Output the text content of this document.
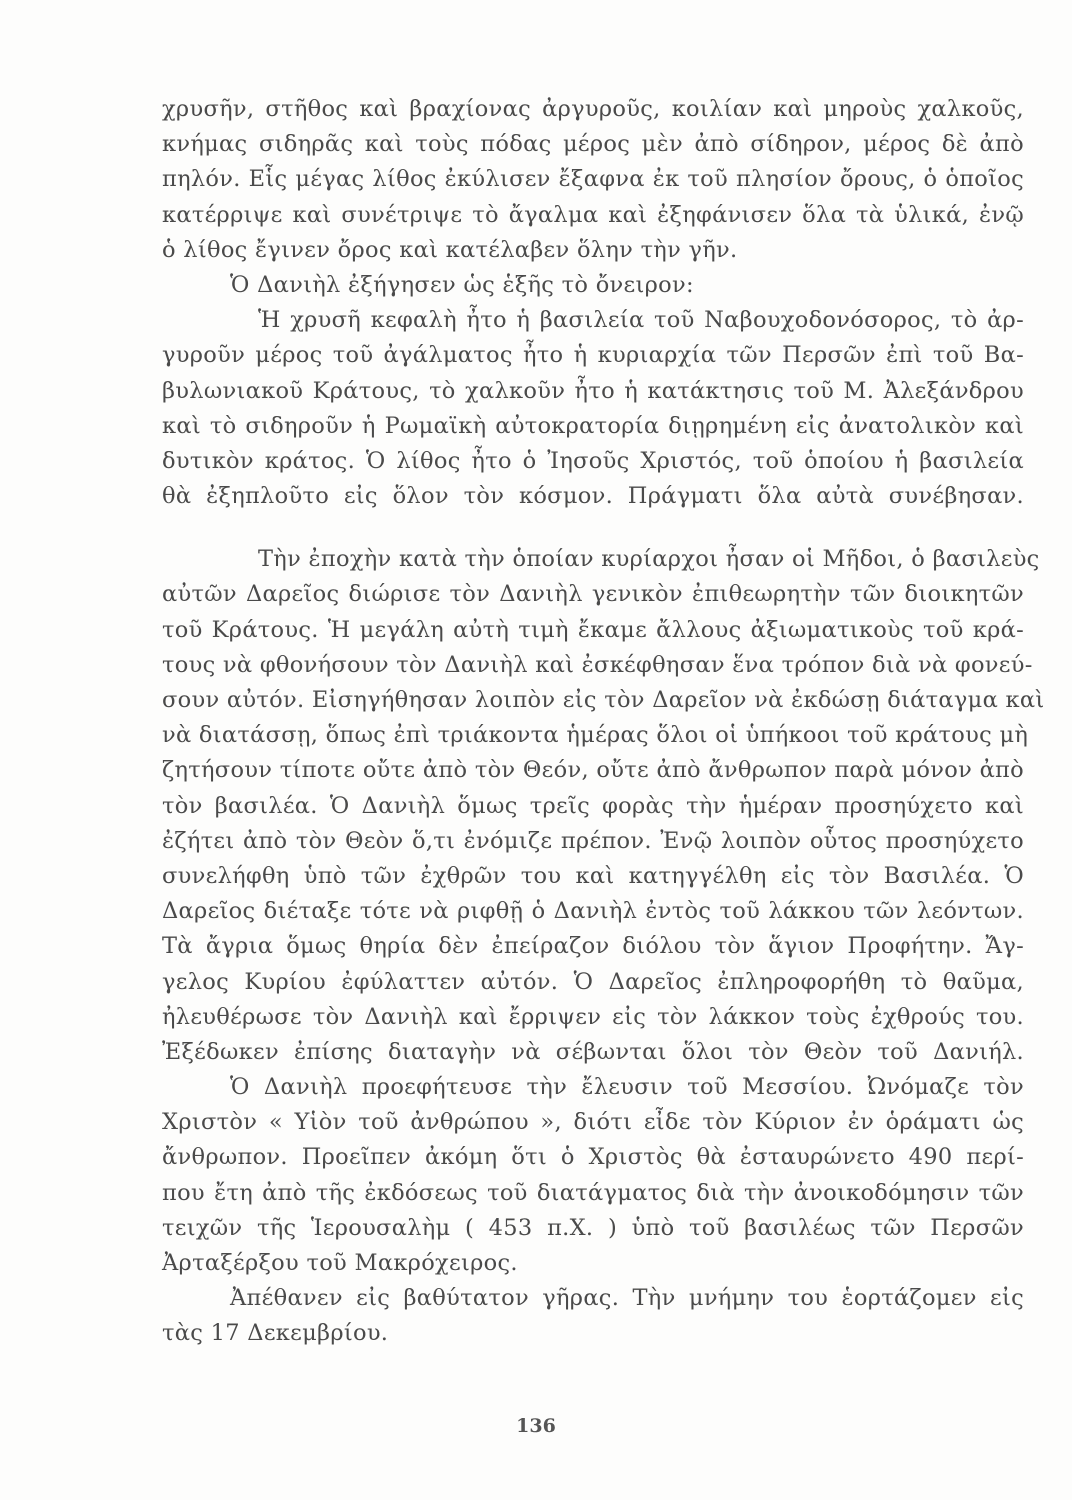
χρυσῆν, στῆθος καὶ βραχίονας ἀργυροῦς, κοιλίαν καὶ μηροὺς χαλκοῦς,
κνήμας σιδηρᾶς καὶ τοὺς πόδας μέρος μὲν ἀπὸ σίδηρον, μέρος δὲ ἀπὸ
πηλόν. Εἷς μέγας λίθος ἐκύλισεν ἔξαφνα ἐκ τοῦ πλησίον ὄρους, ὁ ὁποῖος
κατέρριψε καὶ συνέτριψε τὸ ἄγαλμα καὶ ἐξηφάνισεν ὅλα τὰ ὑλικά, ἐνῷ
ὁ λίθος ἔγινεν ὄρος καὶ κατέλαβεν ὅλην τὴν γῆν.
Ὁ Δανιὴλ ἐξήγησεν ὡς ἑξῆς τὸ ὄνειρον:
Ἡ χρυσῆ κεφαλὴ ἦτο ἡ βασιλεία τοῦ Ναβουχοδονόσορος, τὸ ἀρ-
γυροῦν μέρος τοῦ ἀγάλματος ἦτο ἡ κυριαρχία τῶν Περσῶν ἐπὶ τοῦ Βα-
βυλωνιακοῦ Κράτους, τὸ χαλκοῦν ἦτο ἡ κατάκτησις τοῦ Μ. Ἀλεξάνδρου
καὶ τὸ σιδηροῦν ἡ Ρωμαϊκὴ αὐτοκρατορία διῃρημένη εἰς ἀνατολικὸν καὶ
δυτικὸν κράτος. Ὁ λίθος ἦτο ὁ Ἰησοῦς Χριστός, τοῦ ὁποίου ἡ βασιλεία
θὰ ἐξηπλοῦτο εἰς ὅλον τὸν κόσμον. Πράγματι ὅλα αὐτὰ συνέβησαν.
Τὴν ἐποχὴν κατὰ τὴν ὁποίαν κυρίαρχοι ἦσαν οἱ Μῆδοι, ὁ βασιλεὺς
αὐτῶν Δαρεῖος διώρισε τὸν Δανιὴλ γενικὸν ἐπιθεωρητὴν τῶν διοικητῶν
τοῦ Κράτους. Ἡ μεγάλη αὐτὴ τιμὴ ἔκαμε ἄλλους ἀξιωματικοὺς τοῦ κρά-
τους νὰ φθονήσουν τὸν Δανιὴλ καὶ ἐσκέφθησαν ἕνα τρόπον διὰ νὰ φονεύ-
σουν αὐτόν. Εἰσηγήθησαν λοιπὸν εἰς τὸν Δαρεῖον νὰ ἐκδώσῃ διάταγμα καὶ
νὰ διατάσσῃ, ὅπως ἐπὶ τριάκοντα ἡμέρας ὅλοι οἱ ὑπήκοοι τοῦ κράτους μὴ
ζητήσουν τίποτε οὔτε ἀπὸ τὸν Θεόν, οὔτε ἀπὸ ἄνθρωπον παρὰ μόνον ἀπὸ
τὸν βασιλέα. Ὁ Δανιὴλ ὅμως τρεῖς φορὰς τὴν ἡμέραν προσηύχετο καὶ
ἐζήτει ἀπὸ τὸν Θεὸν ὅ,τι ἐνόμιζε πρέπον. Ἐνῷ λοιπὸν οὗτος προσηύχετο
συνελήφθη ὑπὸ τῶν ἐχθρῶν του καὶ κατηγγέλθη εἰς τὸν Βασιλέα. Ὁ
Δαρεῖος διέταξε τότε νὰ ριφθῇ ὁ Δανιὴλ ἐντὸς τοῦ λάκκου τῶν λεόντων.
Τὰ ἄγρια ὅμως θηρία δὲν ἐπείραζον διόλου τὸν ἅγιον Προφήτην. Ἄγ-
γελος Κυρίου ἐφύλαττεν αὐτόν. Ὁ Δαρεῖος ἐπληροφορήθη τὸ θαῦμα,
ἠλευθέρωσε τὸν Δανιὴλ καὶ ἔρριψεν εἰς τὸν λάκκον τοὺς ἐχθρούς του.
Ἐξέδωκεν ἐπίσης διαταγὴν νὰ σέβωνται ὅλοι τὸν Θεὸν τοῦ Δανιήλ.
Ὁ Δανιὴλ προεφήτευσε τὴν ἔλευσιν τοῦ Μεσσίου. Ὠνόμαζε τὸν
Χριστὸν « Υἱὸν τοῦ ἀνθρώπου », διότι εἶδε τὸν Κύριον ἐν ὁράματι ὡς
ἄνθρωπον. Προεῖπεν ἀκόμη ὅτι ὁ Χριστὸς θὰ ἐσταυρώνετο 490 περί-
που ἔτη ἀπὸ τῆς ἐκδόσεως τοῦ διατάγματος διὰ τὴν ἀνοικοδόμησιν τῶν
τειχῶν τῆς Ἱερουσαλὴμ ( 453 π.Χ. ) ὑπὸ τοῦ βασιλέως τῶν Περσῶν
Ἀρταξέρξου τοῦ Μακρόχειρος.
Ἀπέθανεν εἰς βαθύτατον γῆρας. Τὴν μνήμην του ἑορτάζομεν εἰς
τὰς 17 Δεκεμβρίου.
136
